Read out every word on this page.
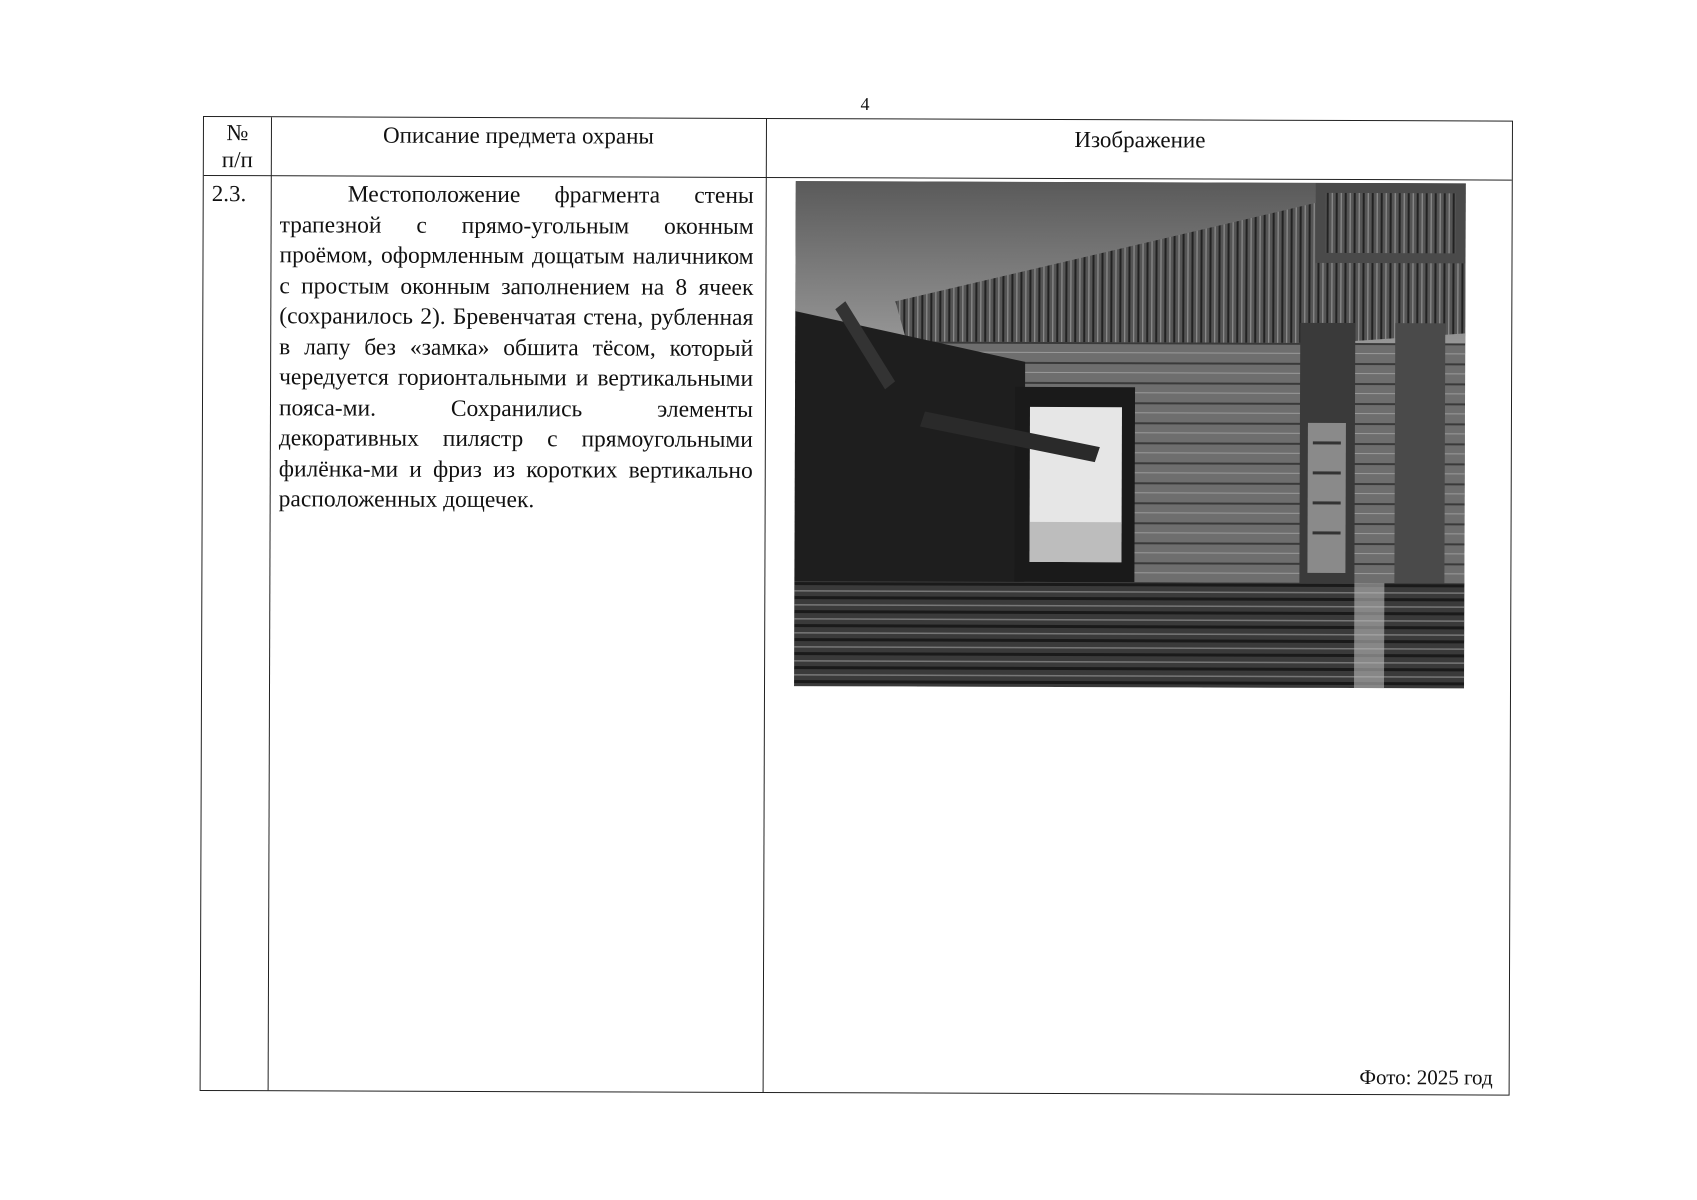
4
№ п/п
Описание предмета охраны	Изображение
2.3.	Местоположение фрагмента стены трапезной с прямо-угольным оконным проёмом, оформленным дощатым наличником с простым оконным заполнением на 8 ячеек (сохранилось 2). Бревенчатая стена, рубленная в лапу без «замка» обшита тёсом, который чередуется горионтальными и вертикальными пояса-ми. Сохранились элементы декоративных пилястр с прямоугольными филёнка-ми и фриз из коротких вертикально расположенных дощечек.
Фото: 2025 год
